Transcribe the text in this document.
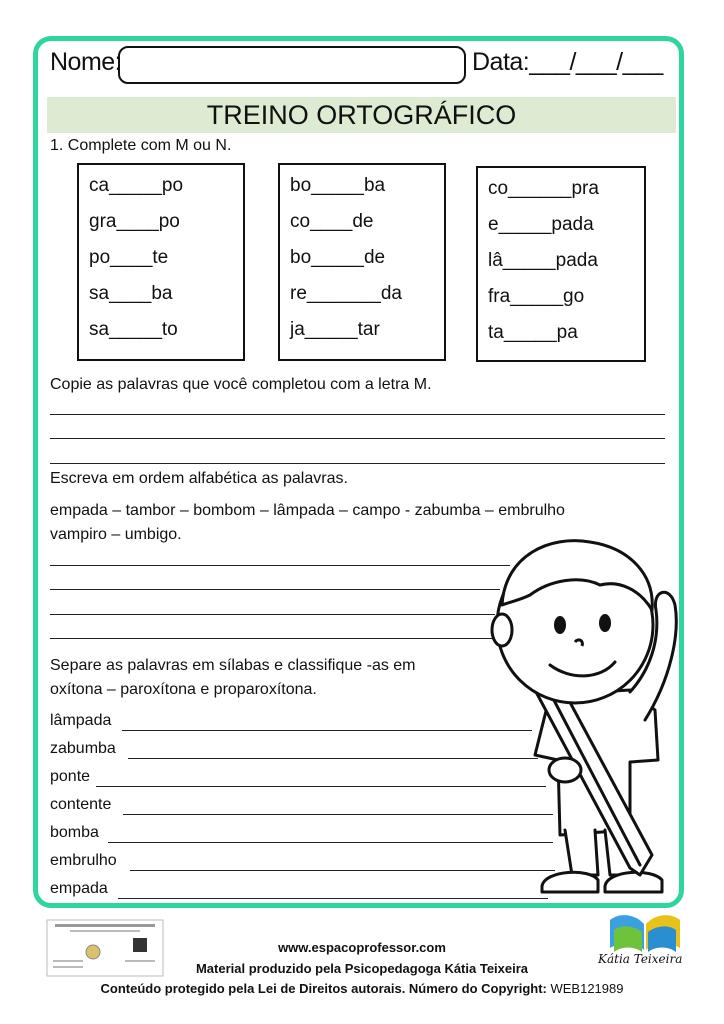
Nome:	Data:___/___/___
TREINO ORTOGRÁFICO
1. Complete com M ou N.
ca_____po
gra____po
po____te
sa____ba
sa_____to
bo_____ba
co____de
bo_____de
re_______da
ja_____tar
co______pra
e_____pada
lâ_____pada
fra_____go
ta_____pa
Copie as palavras que você completou com a letra M.
Escreva em ordem alfabética as palavras.
empada – tambor – bombom – lâmpada – campo - zabumba – embrulho
vampiro – umbigo.
Separe as palavras em sílabas e classifique -as em
oxítona – paroxítona e proparoxítona.
lâmpada
zabumba
ponte
contente
bomba
embrulho
empada
Kátia Teixeira
www.espacoprofessor.com
Material produzido pela Psicopedagoga Kátia Teixeira
Conteúdo protegido pela Lei de Direitos autorais. Número do Copyright: WEB121989
